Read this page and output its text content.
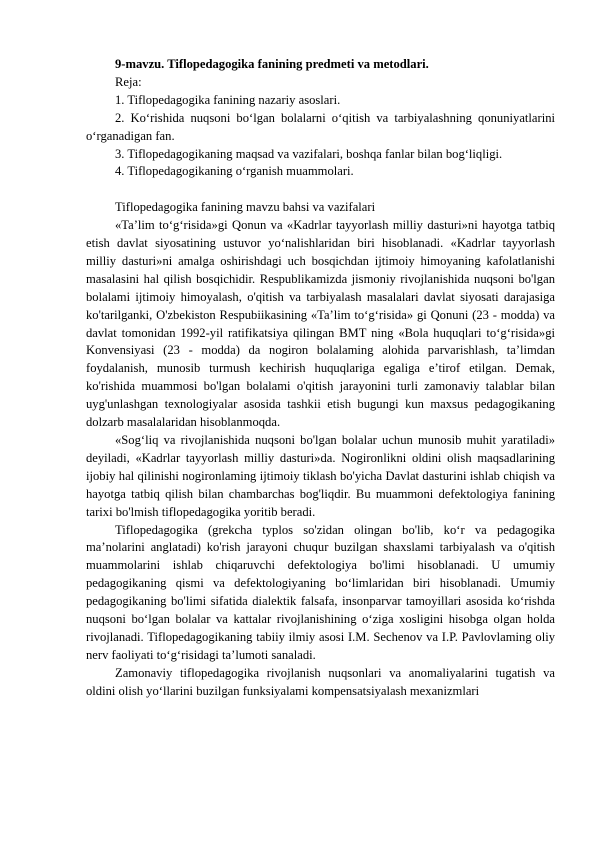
9-mavzu. Tiflopedagogika fanining predmeti va metodlari.

Reja:

1. Tiflopedagogika fanining nazariy asoslari.

2. Ko‘rishida nuqsoni bo‘lgan bolalarni o‘qitish va tarbiyalashning qonuniyatlarini o‘rganadigan fan.

3. Tiflopedagogikaning maqsad va vazifalari, boshqa fanlar bilan bog‘liqligi.

4. Tiflopedagogikaning o‘rganish muammolari.

Tiflopedagogika fanining mavzu bahsi va vazifalari

«Ta’lim to‘g‘risida»gi Qonun va «Kadrlar tayyorlash milliy dasturi»ni hayotga tatbiq etish davlat siyosatining ustuvor yo‘nalishlaridan biri hisoblanadi. «Kadrlar tayyorlash milliy dasturi»ni amalga oshirishdagi uch bosqichdan ijtimoiy himoyaning kafolatlanishi masalasini hal qilish bosqichidir. Respublikamizda jismoniy rivojlanishida nuqsoni bo'lgan bolalami ijtimoiy himoyalash, o'qitish va tarbiyalash masalalari davlat siyosati darajasiga ko'tarilganki, O'zbekiston Respubiikasining «Ta’lim to‘g‘risida» gi Qonuni (23 - modda) va davlat tomonidan 1992-yil ratifikatsiya qilingan BMT ning «Bola huquqlari to‘g‘risida»gi Konvensiyasi (23 - modda) da nogiron bolalaming alohida parvarishlash, ta’limdan foydalanish, munosib turmush kechirish huquqlariga egaliga e’tirof etilgan. Demak, ko'rishida muammosi bo'lgan bolalami o'qitish jarayonini turli zamonaviy talablar bilan uyg'unlashgan texnologiyalar asosida tashkii etish bugungi kun maxsus pedagogikaning dolzarb masalalaridan hisoblanmoqda.

«Sog‘liq va rivojlanishida nuqsoni bo'lgan bolalar uchun munosib muhit yaratiladi» deyiladi, «Kadrlar tayyorlash milliy dasturi»da. Nogironlikni oldini olish maqsadlarining ijobiy hal qilinishi nogironlaming ijtimoiy tiklash bo'yicha Davlat dasturini ishlab chiqish va hayotga tatbiq qilish bilan chambarchas bog'liqdir. Bu muammoni defektologiya fanining tarixi bo'lmish tiflopedagogika yoritib beradi.

Tiflopedagogika (grekcha typlos so'zidan olingan bo'lib, ko‘r va pedagogika ma’nolarini anglatadi) ko'rish jarayoni chuqur buzilgan shaxslami tarbiyalash va o'qitish muammolarini ishlab chiqaruvchi defektologiya bo'limi hisoblanadi. U umumiy pedagogikaning qismi va defektologiyaning bo‘limlaridan biri hisoblanadi. Umumiy pedagogikaning bo'limi sifatida dialektik falsafa, insonparvar tamoyillari asosida ko‘rishda nuqsoni bo‘lgan bolalar va kattalar rivojlanishining o‘ziga xosligini hisobga olgan holda rivojlanadi. Tiflopedagogikaning tabiiy ilmiy asosi I.M. Sechenov va I.P. Pavlovlaming oliy nerv faoliyati to‘g‘risidagi ta’lumoti sanaladi.

Zamonaviy tiflopedagogika rivojlanish nuqsonlari va anomaliyalarini tugatish va oldini olish yo‘llarini buzilgan funksiyalami kompensatsiyalash mexanizmlari
